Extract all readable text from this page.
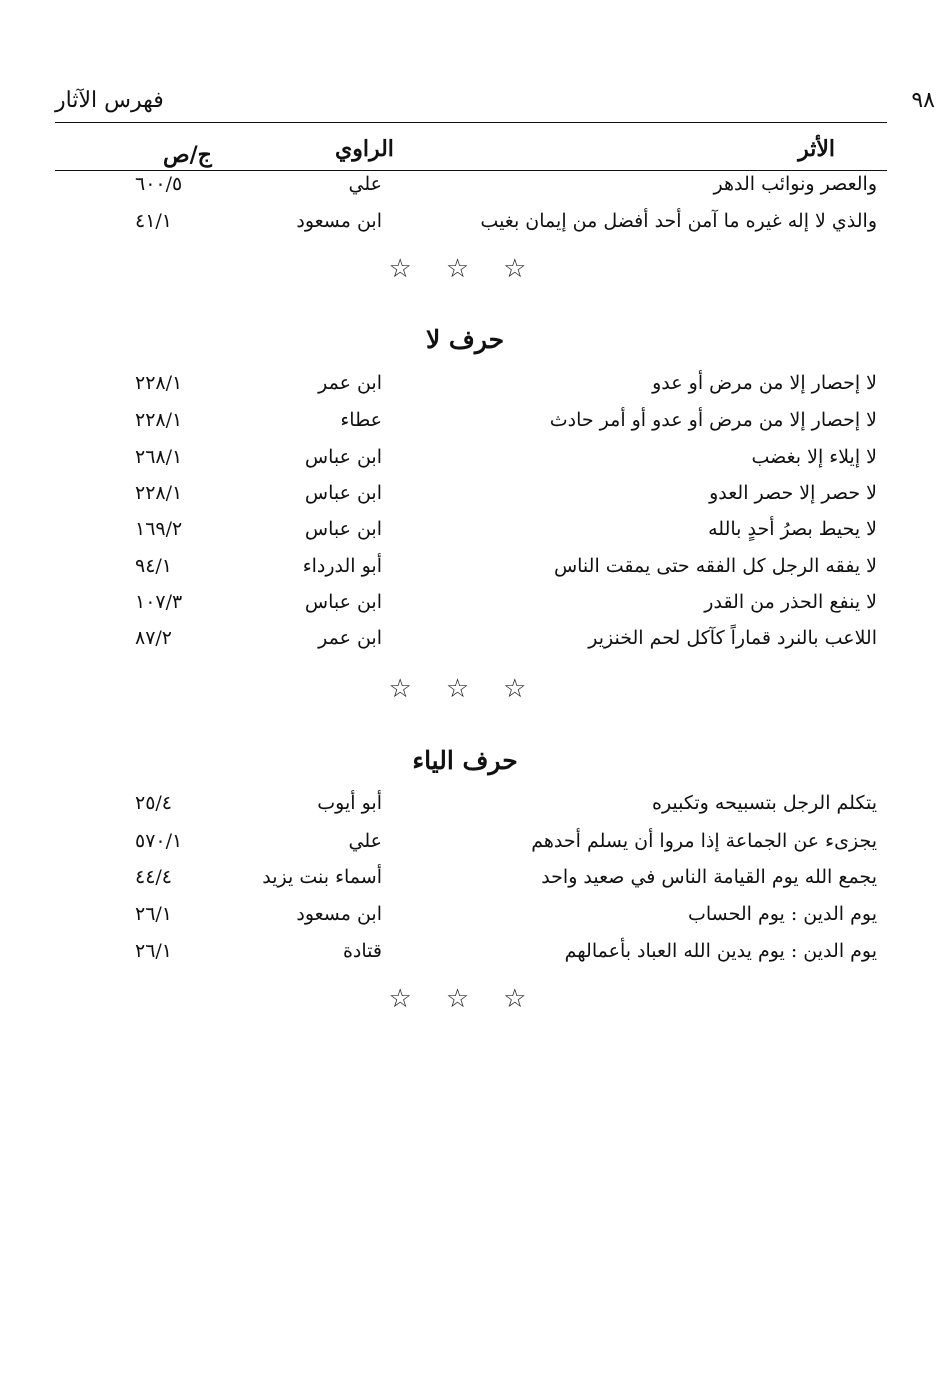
فهرس الآثار	٩٨
الأثر
الراوي
ج/ص
والعصر ونوائب الدهر
علي
٦٠٠/٥
والذي لا إله غيره ما آمن أحد أفضل من إيمان بغيب
ابن مسعود
٤١/١
☆☆☆
حرف لا
لا إحصار إلا من مرض أو عدو
ابن عمر
٢٢٨/١
لا إحصار إلا من مرض أو عدو أو أمر حادث
عطاء
٢٢٨/١
لا إيلاء إلا بغضب
ابن عباس
٢٦٨/١
لا حصر إلا حصر العدو
ابن عباس
٢٢٨/١
لا يحيط بصرُ أحدٍ بالله
ابن عباس
١٦٩/٢
لا يفقه الرجل كل الفقه حتى يمقت الناس
أبو الدرداء
٩٤/١
لا ينفع الحذر من القدر
ابن عباس
١٠٧/٣
اللاعب بالنرد قماراً كآكل لحم الخنزير
ابن عمر
٨٧/٢
☆☆☆
حرف الياء
يتكلم الرجل بتسبيحه وتكبيره
أبو أيوب
٢٥/٤
يجزىء عن الجماعة إذا مروا أن يسلم أحدهم
علي
٥٧٠/١
يجمع الله يوم القيامة الناس في صعيد واحد
أسماء بنت يزيد
٤٤/٤
يوم الدين : يوم الحساب
ابن مسعود
٢٦/١
يوم الدين : يوم يدين الله العباد بأعمالهم
قتادة
٢٦/١
☆☆☆
